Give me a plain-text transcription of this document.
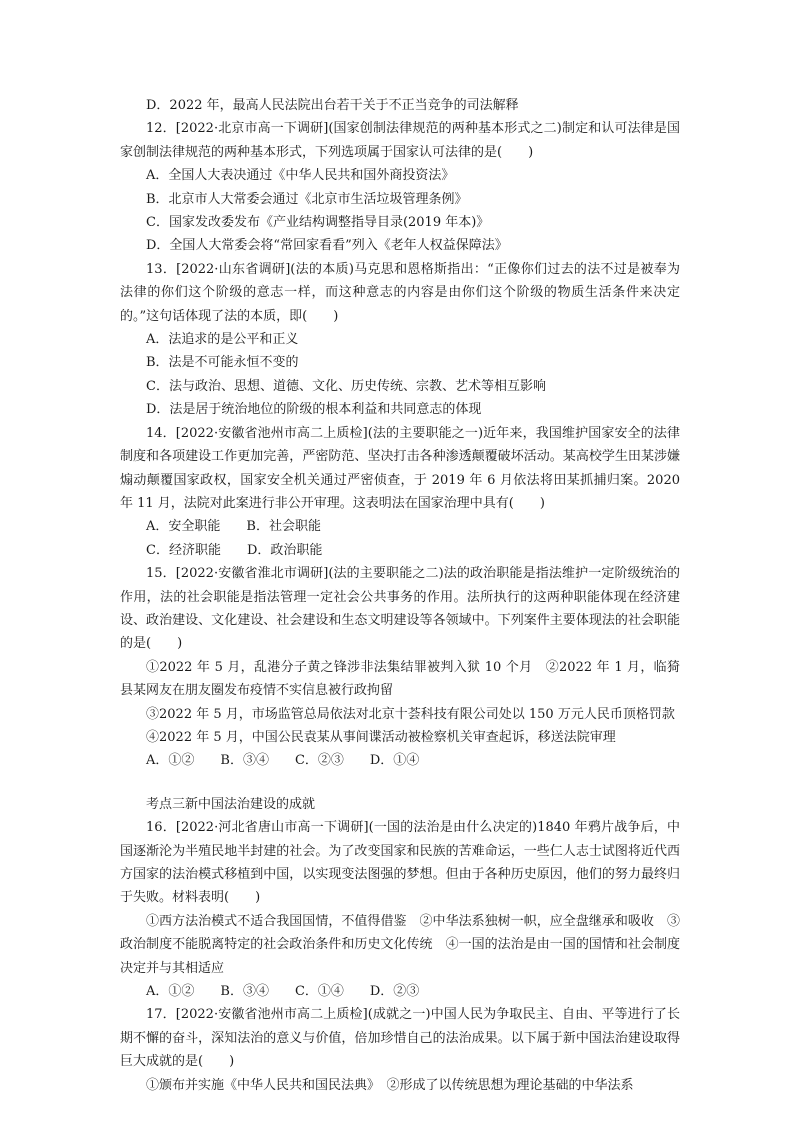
D．2022 年，最高人民法院出台若干关于不正当竞争的司法解释

12．[2022·北京市高一下调研](国家创制法律规范的两种基本形式之二)制定和认可法律是国家创制法律规范的两种基本形式，下列选项属于国家认可法律的是(　　)

A．全国人大表决通过《中华人民共和国外商投资法》

B．北京市人大常委会通过《北京市生活垃圾管理条例》

C．国家发改委发布《产业结构调整指导目录(2019 年本)》

D．全国人大常委会将“常回家看看”列入《老年人权益保障法》

13．[2022·山东省调研](法的本质)马克思和恩格斯指出：“正像你们过去的法不过是被奉为法律的你们这个阶级的意志一样，而这种意志的内容是由你们这个阶级的物质生活条件来决定的。”这句话体现了法的本质，即(　　)

A．法追求的是公平和正义

B．法是不可能永恒不变的

C．法与政治、思想、道德、文化、历史传统、宗教、艺术等相互影响

D．法是居于统治地位的阶级的根本利益和共同意志的体现

14．[2022·安徽省池州市高二上质检](法的主要职能之一)近年来，我国维护国家安全的法律制度和各项建设工作更加完善，严密防范、坚决打击各种渗透颠覆破坏活动。某高校学生田某涉嫌煽动颠覆国家政权，国家安全机关通过严密侦查，于 2019 年 6 月依法将田某抓捕归案。2020 年 11 月，法院对此案进行非公开审理。这表明法在国家治理中具有(　　)

A．安全职能　　B．社会职能

C．经济职能　　D．政治职能

15．[2022·安徽省淮北市调研](法的主要职能之二)法的政治职能是指法维护一定阶级统治的作用，法的社会职能是指法管理一定社会公共事务的作用。法所执行的这两种职能体现在经济建设、政治建设、文化建设、社会建设和生态文明建设等各领域中。下列案件主要体现法的社会职能的是(　　)

①2022 年 5 月，乱港分子黄之锋涉非法集结罪被判入狱 10 个月　②2022 年 1 月，临猗县某网友在朋友圈发布疫情不实信息被行政拘留

③2022 年 5 月，市场监管总局依法对北京十荟科技有限公司处以 150 万元人民币顶格罚款

④2022 年 5 月，中国公民袁某从事间谍活动被检察机关审查起诉，移送法院审理

A．①②　　B．③④　　C．②③　　D．①④

考点三新中国法治建设的成就

16．[2022·河北省唐山市高一下调研](一国的法治是由什么决定的)1840 年鸦片战争后，中国逐渐沦为半殖民地半封建的社会。为了改变国家和民族的苦难命运，一些仁人志士试图将近代西方国家的法治模式移植到中国，以实现变法图强的梦想。但由于各种历史原因，他们的努力最终归于失败。材料表明(　　)

①西方法治模式不适合我国国情，不值得借鉴　②中华法系独树一帜，应全盘继承和吸收　③政治制度不能脱离特定的社会政治条件和历史文化传统　④一国的法治是由一国的国情和社会制度决定并与其相适应

A．①②　　B．③④　　C．①④　　D．②③

17．[2022·安徽省池州市高二上质检](成就之一)中国人民为争取民主、自由、平等进行了长期不懈的奋斗，深知法治的意义与价值，倍加珍惜自己的法治成果。以下属于新中国法治建设取得巨大成就的是(　　)

①颁布并实施《中华人民共和国民法典》　②形成了以传统思想为理论基础的中华法系
